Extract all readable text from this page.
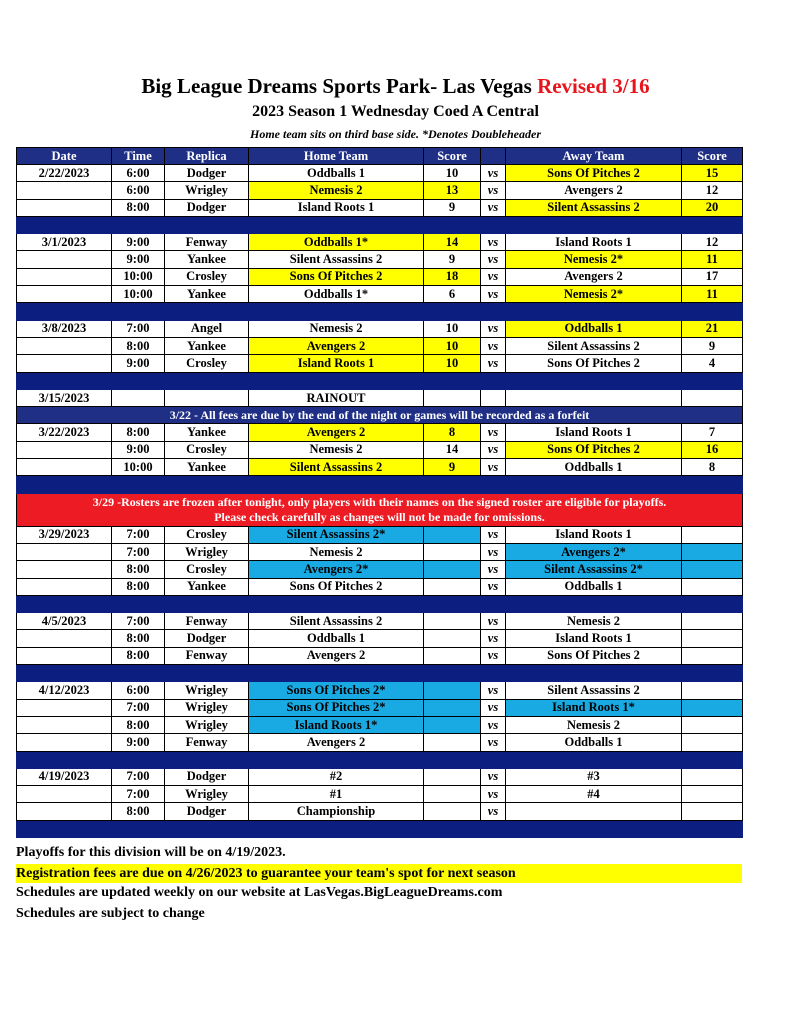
Big League Dreams Sports Park- Las Vegas Revised 3/16
2023 Season 1 Wednesday Coed A Central
Home team sits on third base side. *Denotes Doubleheader
Date	Time	Replica	Home Team	Score		Away Team	Score
2/22/2023	6:00	Dodger	Oddballs 1	10	vs	Sons Of Pitches 2	15
	6:00	Wrigley	Nemesis 2	13	vs	Avengers 2	12
	8:00	Dodger	Island Roots 1	9	vs	Silent Assassins 2	20

3/1/2023	9:00	Fenway	Oddballs 1*	14	vs	Island Roots 1	12
	9:00	Yankee	Silent Assassins 2	9	vs	Nemesis 2*	11
	10:00	Crosley	Sons Of Pitches 2	18	vs	Avengers 2	17
	10:00	Yankee	Oddballs 1*	6	vs	Nemesis 2*	11

3/8/2023	7:00	Angel	Nemesis 2	10	vs	Oddballs 1	21
	8:00	Yankee	Avengers 2	10	vs	Silent Assassins 2	9
	9:00	Crosley	Island Roots 1	10	vs	Sons Of Pitches 2	4

3/15/2023			RAINOUT				
3/22 - All fees are due by the end of the night or games will be recorded as a forfeit							
3/22/2023	8:00	Yankee	Avengers 2	8	vs	Island Roots 1	7
	9:00	Crosley	Nemesis 2	14	vs	Sons Of Pitches 2	16
	10:00	Yankee	Silent Assassins 2	9	vs	Oddballs 1	8

3/29 -Rosters are frozen after tonight, only players with their names on the signed roster are eligible for playoffs.
Please check carefully as changes will not be made for omissions.							

3/29/2023	7:00	Crosley	Silent Assassins 2*		vs	Island Roots 1	
	7:00	Wrigley	Nemesis 2		vs	Avengers 2*	
	8:00	Crosley	Avengers 2*		vs	Silent Assassins 2*	
	8:00	Yankee	Sons Of Pitches 2		vs	Oddballs 1	

4/5/2023	7:00	Fenway	Silent Assassins 2		vs	Nemesis 2	
	8:00	Dodger	Oddballs 1		vs	Island Roots 1	
	8:00	Fenway	Avengers 2		vs	Sons Of Pitches 2	

4/12/2023	6:00	Wrigley	Sons Of Pitches 2*		vs	Silent Assassins 2	
	7:00	Wrigley	Sons Of Pitches 2*		vs	Island Roots 1*	
	8:00	Wrigley	Island Roots 1*		vs	Nemesis 2	
	9:00	Fenway	Avengers 2		vs	Oddballs 1	

4/19/2023	7:00	Dodger	#2		vs	#3	
	7:00	Wrigley	#1		vs	#4	
	8:00	Dodger	Championship		vs		

Playoffs for this division will be on 4/19/2023.
Registration fees are due on 4/26/2023 to guarantee your team's spot for next season
Schedules are updated weekly on our website at LasVegas.BigLeagueDreams.com
Schedules are subject to change
